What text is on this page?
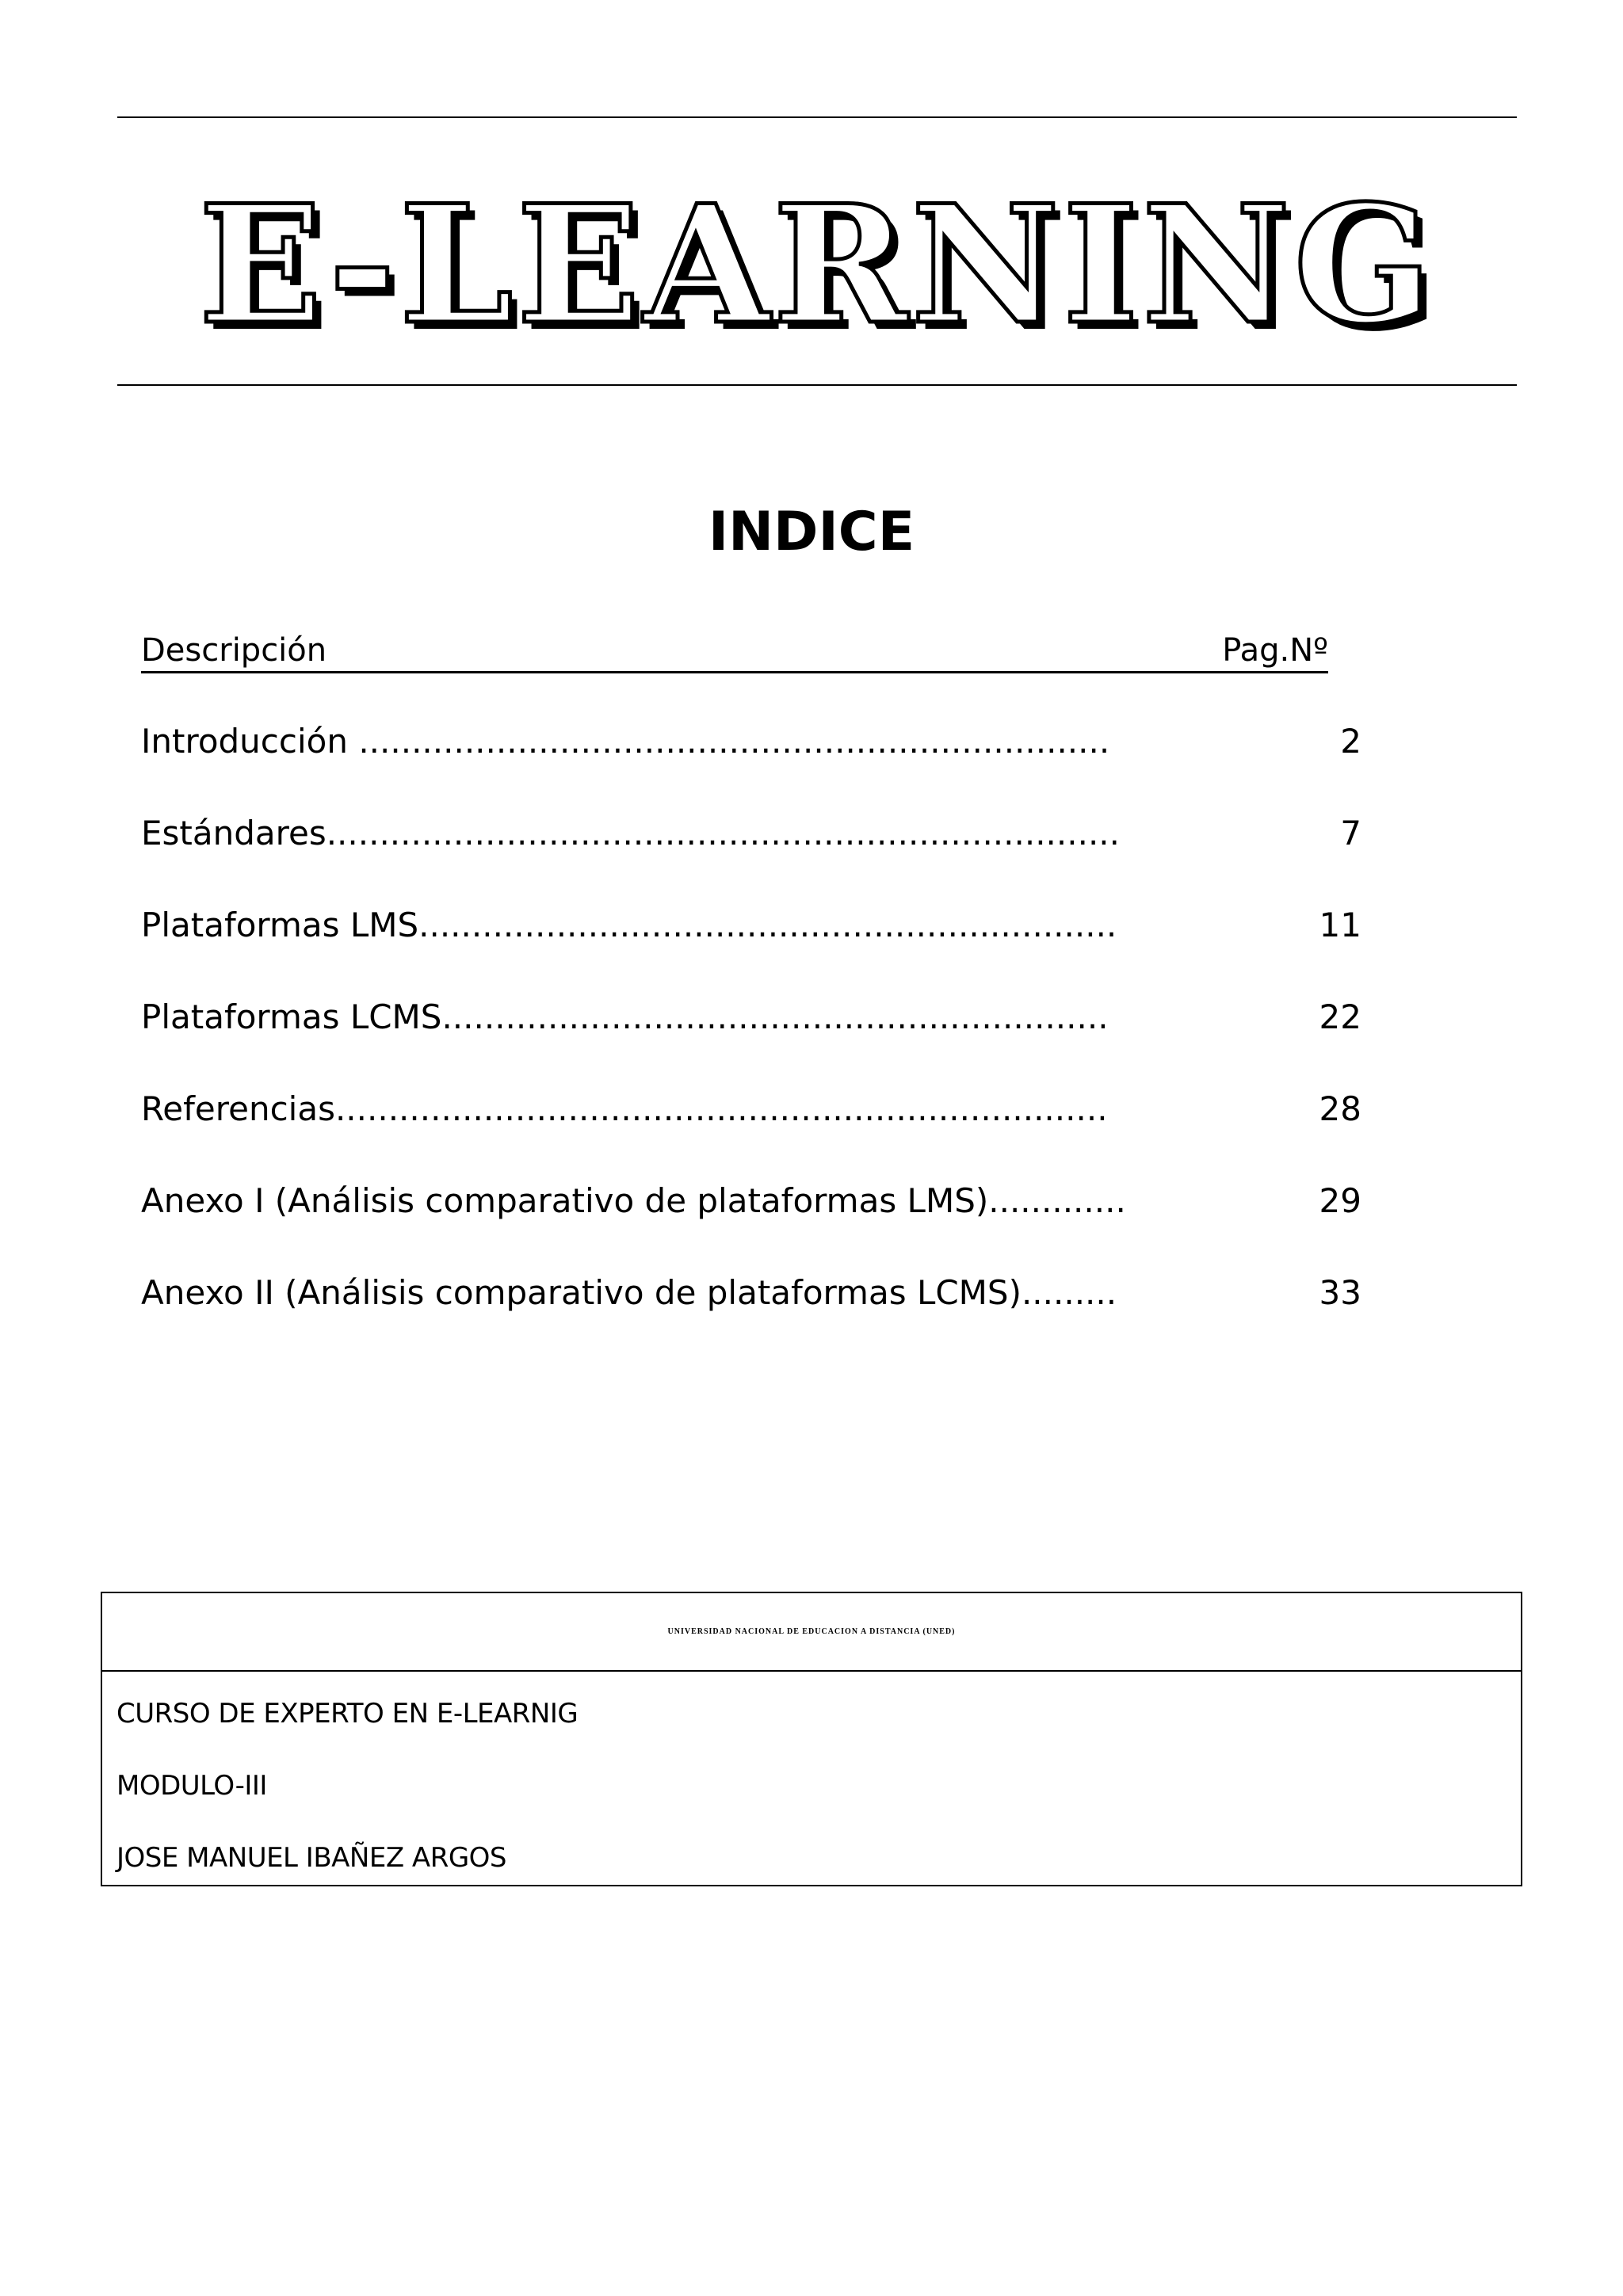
E-LEARNING
INDICE
Descripción	Pag.Nº
Introducción .......................................................................	2
Estándares...........................................................................	7
Plataformas LMS..................................................................	11
Plataformas LCMS...............................................................	22
Referencias.........................................................................	28
Anexo I (Análisis comparativo de plataformas LMS).............	29
Anexo II (Análisis comparativo de plataformas LCMS).........	33
UNIVERSIDAD NACIONAL DE EDUCACION A DISTANCIA (UNED)
CURSO DE EXPERTO EN E-LEARNIG
MODULO-III
JOSE MANUEL IBAÑEZ ARGOS
